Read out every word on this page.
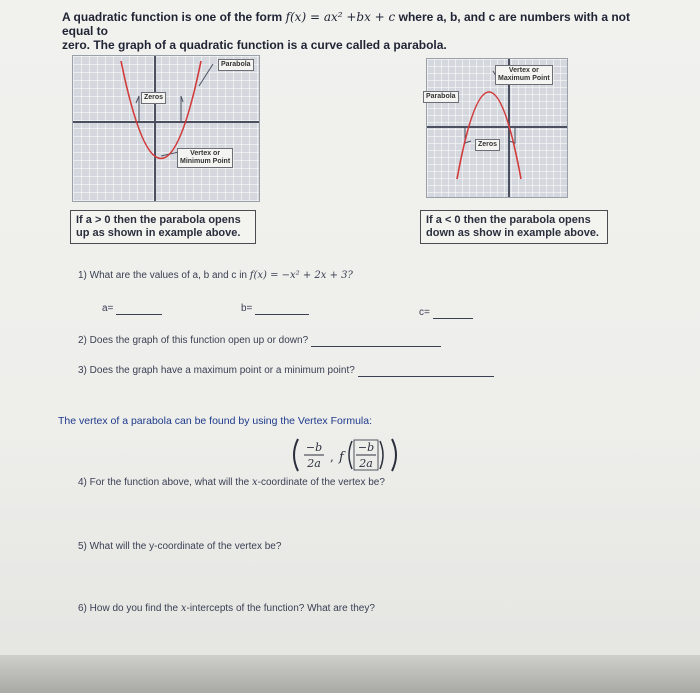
A quadratic function is one of the form f(x) = ax² +bx + c where a, b, and c are numbers with a not equal to
zero. The graph of a quadratic function is a curve called a parabola.
Parabola
Zeros
Vertex or
Minimum Point
Vertex or
Maximum Point
Parabola
Zeros
If a > 0 then the parabola opens
up as shown in example above.
If a < 0 then the parabola opens
down as show in example above.
1) What are the values of a, b and c in f(x) = −x² + 2x + 3?
a=	b=	c=
2) Does the graph of this function open up or down?
3) Does the graph have a maximum point or a minimum point?
The vertex of a parabola can be found by using the Vertex Formula:
−b
2a , f
−b
2a
4) For the function above, what will the x-coordinate of the vertex be?
5) What will the y-coordinate of the vertex be?
6) How do you find the x-intercepts of the function? What are they?
